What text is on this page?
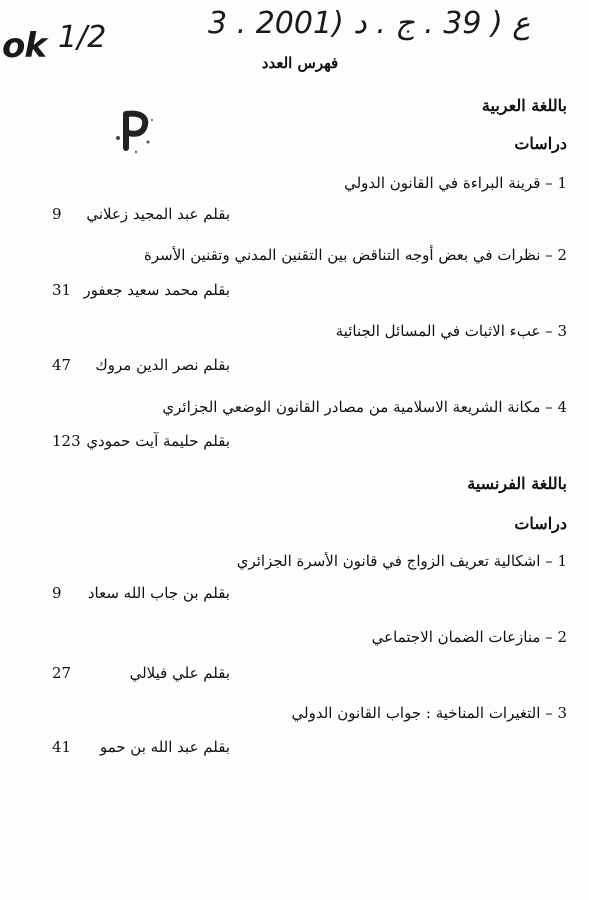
ok 1/2	3 . ع ( 39 . ج . د (2001
فهرس العدد
باللغة العربية
دراسات
1 – قرينة البراءة في القانون الدولي
بقلم عبد المجيد زعلاني
9
2 – نظرات في بعض أوجه التناقض بين التقنين المدني وتقنين الأسرة
بقلم محمد سعيد جعفور
31
3 – عبء الاثبات في المسائل الجنائية
بقلم نصر الدين مروك
47
4 – مكانة الشريعة الاسلامية من مصادر القانون الوضعي الجزائري
بقلم حليمة آيت حمودي
123
باللغة الفرنسية
دراسات
1 – اشكالية تعريف الزواج في قانون الأسرة الجزائري
بقلم بن جاب الله سعاد
9
2 – منازعات الضمان الاجتماعي
بقلم علي فيلالي
27
3 – التغيرات المناخية : جواب القانون الدولي
بقلم عبد الله بن حمو
41
